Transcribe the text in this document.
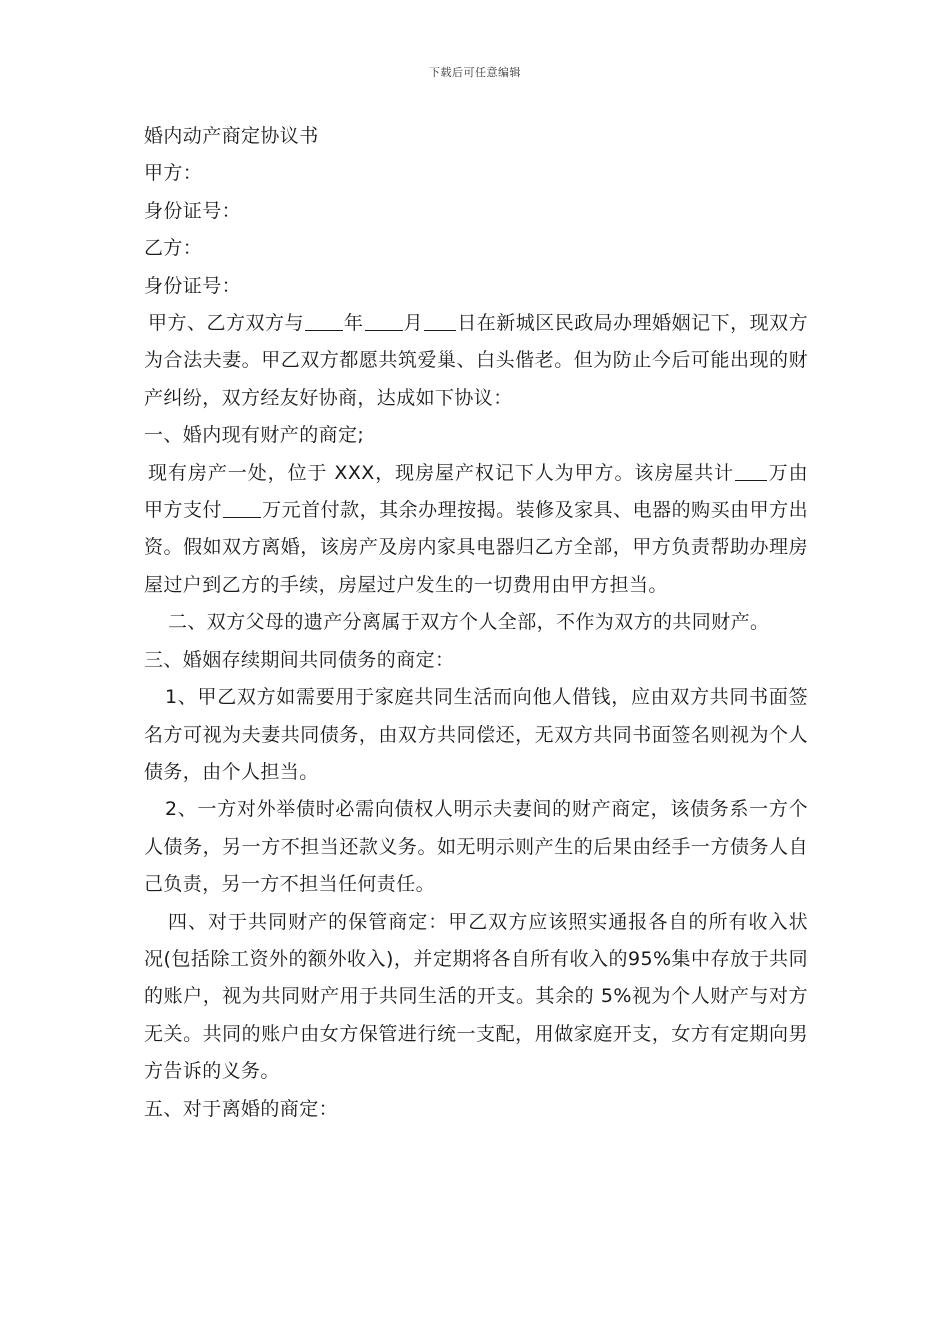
下载后可任意编辑

婚内动产商定协议书

甲方：

身份证号：

乙方：

身份证号：

甲方、乙方双方与 年 月 日在新城区民政局办理婚姻记下，现双方为合法夫妻。甲乙双方都愿共筑爱巢、白头偕老。但为防止今后可能出现的财产纠纷，双方经友好协商，达成如下协议：

一、婚内现有财产的商定;

现有房产一处，位于 XXX，现房屋产权记下人为甲方。该房屋共计 万由甲方支付 万元首付款，其余办理按揭。装修及家具、电器的购买由甲方出资。假如双方离婚，该房产及房内家具电器归乙方全部，甲方负责帮助办理房屋过户到乙方的手续，房屋过户发生的一切费用由甲方担当。

二、双方父母的遗产分离属于双方个人全部，不作为双方的共同财产。

三、婚姻存续期间共同债务的商定：

1、甲乙双方如需要用于家庭共同生活而向他人借钱，应由双方共同书面签名方可视为夫妻共同债务，由双方共同偿还，无双方共同书面签名则视为个人债务，由个人担当。

2、一方对外举债时必需向债权人明示夫妻间的财产商定，该债务系一方个人债务，另一方不担当还款义务。如无明示则产生的后果由经手一方债务人自己负责，另一方不担当任何责任。

四、对于共同财产的保管商定：甲乙双方应该照实通报各自的所有收入状况(包括除工资外的额外收入)，并定期将各自所有收入的95%集中存放于共同的账户，视为共同财产用于共同生活的开支。其余的 5%视为个人财产与对方无关。共同的账户由女方保管进行统一支配，用做家庭开支，女方有定期向男方告诉的义务。

五、对于离婚的商定：
